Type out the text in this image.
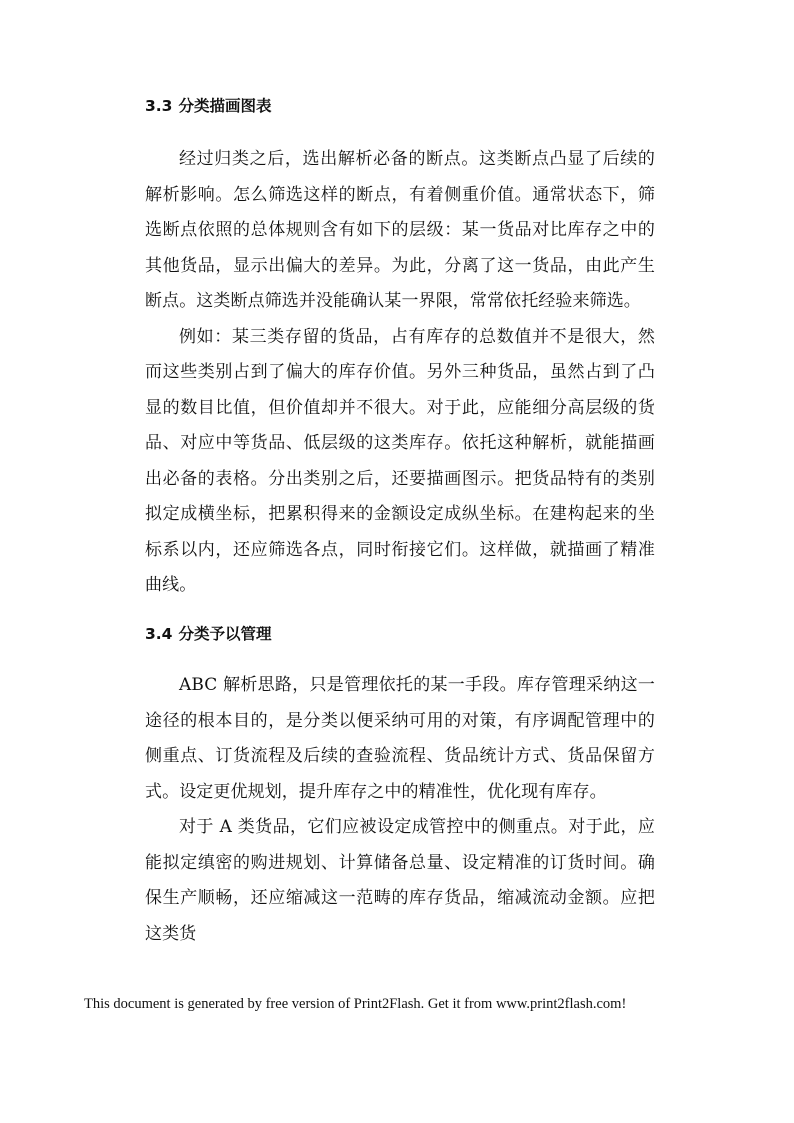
3.3 分类描画图表

经过归类之后，选出解析必备的断点。这类断点凸显了后续的解析影响。怎么筛选这样的断点，有着侧重价值。通常状态下，筛选断点依照的总体规则含有如下的层级：某一货品对比库存之中的其他货品，显示出偏大的差异。为此，分离了这一货品，由此产生断点。这类断点筛选并没能确认某一界限，常常依托经验来筛选。

例如：某三类存留的货品，占有库存的总数值并不是很大，然而这些类别占到了偏大的库存价值。另外三种货品，虽然占到了凸显的数目比值，但价值却并不很大。对于此，应能细分高层级的货品、对应中等货品、低层级的这类库存。依托这种解析，就能描画出必备的表格。分出类别之后，还要描画图示。把货品特有的类别拟定成横坐标，把累积得来的金额设定成纵坐标。在建构起来的坐标系以内，还应筛选各点，同时衔接它们。这样做，就描画了精准曲线。

3.4 分类予以管理

ABC 解析思路，只是管理依托的某一手段。库存管理采纳这一途径的根本目的，是分类以便采纳可用的对策，有序调配管理中的侧重点、订货流程及后续的查验流程、货品统计方式、货品保留方式。设定更优规划，提升库存之中的精准性，优化现有库存。

对于 A 类货品，它们应被设定成管控中的侧重点。对于此，应能拟定缜密的购进规划、计算储备总量、设定精准的订货时间。确保生产顺畅，还应缩减这一范畴的库存货品，缩减流动金额。应把这类货

This document is generated by free version of Print2Flash. Get it from www.print2flash.com!
